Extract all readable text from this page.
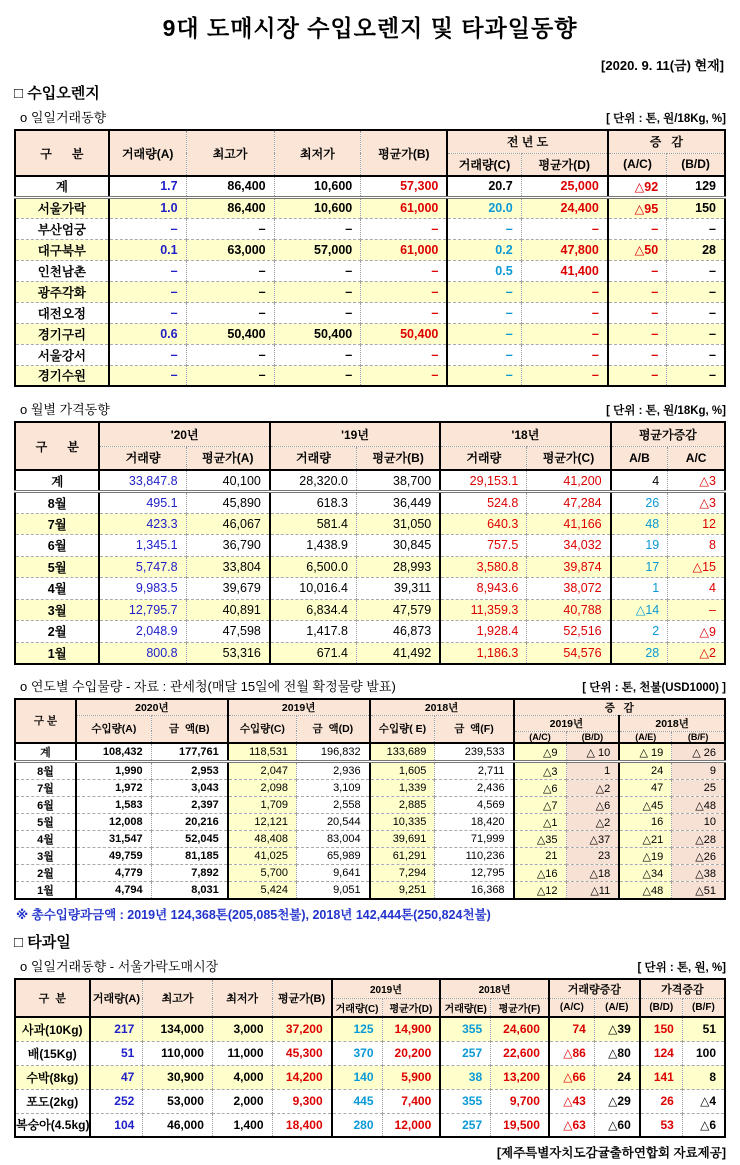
9대 도매시장 수입오렌지 및 타과일동향
[2020. 9. 11(금) 현재]
□ 수입오렌지
o 일일거래동향	[ 단위 : 톤, 원/18Kg, %]
구      분	거래량(A)	최고가	최저가	평균가(B)	전 년 도		증   감	
					거래량(C)	평균가(D)	(A/C)	(B/D)
계	1.7	86,400	10,600	57,300	20.7	25,000	△92	129
서울가락	1.0	86,400	10,600	61,000	20.0	24,400	△95	150
부산엄궁	–	–	–	–	–	–	–	–
대구북부	0.1	63,000	57,000	61,000	0.2	47,800	△50	28
인천남촌	–	–	–	–	0.5	41,400	–	–
광주각화	–	–	–	–	–	–	–	–
대전오정	–	–	–	–	–	–	–	–
경기구리	0.6	50,400	50,400	50,400	–	–	–	–
서울강서	–	–	–	–	–	–	–	–
경기수원	–	–	–	–	–	–	–	–
o 월별 가격동향	[ 단위 : 톤, 원/18Kg, %]
구      분	'20년		'19년		'18년		평균가증감	
	거래량	평균가(A)	거래량	평균가(B)	거래량	평균가(C)	A/B	A/C
계	33,847.8	40,100	28,320.0	38,700	29,153.1	41,200	4	△3
8월	495.1	45,890	618.3	36,449	524.8	47,284	26	△3
7월	423.3	46,067	581.4	31,050	640.3	41,166	48	12
6월	1,345.1	36,790	1,438.9	30,845	757.5	34,032	19	8
5월	5,747.8	33,804	6,500.0	28,993	3,580.8	39,874	17	△15
4월	9,983.5	39,679	10,016.4	39,311	8,943.6	38,072	1	4
3월	12,795.7	40,891	6,834.4	47,579	11,359.3	40,788	△14	–
2월	2,048.9	47,598	1,417.8	46,873	1,928.4	52,516	2	△9
1월	800.8	53,316	671.4	41,492	1,186.3	54,576	28	△2
o 연도별 수입물량 - 자료 : 관세청(매달 15일에 전월 확정물량 발표)	[ 단위 : 톤, 천불(USD1000) ]
구 분	2020년		2019년		2018년		증   감			
	수입량(A)	금  액(B)	수입량(C)	금  액(D)	수입량( E)	금  액(F)	2019년		2018년	
							(A/C)	(B/D)	(A/E)	(B/F)
계	108,432	177,761	118,531	196,832	133,689	239,533	△9	△ 10	△ 19	△ 26
8월	1,990	2,953	2,047	2,936	1,605	2,711	△3	1	24	9
7월	1,972	3,043	2,098	3,109	1,339	2,436	△6	△2	47	25
6월	1,583	2,397	1,709	2,558	2,885	4,569	△7	△6	△45	△48
5월	12,008	20,216	12,121	20,544	10,335	18,420	△1	△2	16	10
4월	31,547	52,045	48,408	83,004	39,691	71,999	△35	△37	△21	△28
3월	49,759	81,185	41,025	65,989	61,291	110,236	21	23	△19	△26
2월	4,779	7,892	5,700	9,641	7,294	12,795	△16	△18	△34	△38
1월	4,794	8,031	5,424	9,051	9,251	16,368	△12	△11	△48	△51
※ 총수입량과금액 : 2019년 124,368톤(205,085천불), 2018년 142,444톤(250,824천불)
□ 타과일
o 일일거래동향 - 서울가락도매시장	[ 단위 : 톤, 원, %]
구  분	거래량(A)	최고가	최저가	평균가(B)	2019년		2018년		거래량증감		가격증감	
					거래량(C)	평균가(D)	거래량(E)	평균가(F)	(A/C)	(A/E)	(B/D)	(B/F)
사과(10Kg)	217	134,000	3,000	37,200	125	14,900	355	24,600	74	△39	150	51
배(15Kg)	51	110,000	11,000	45,300	370	20,200	257	22,600	△86	△80	124	100
수박(8kg)	47	30,900	4,000	14,200	140	5,900	38	13,200	△66	24	141	8
포도(2kg)	252	53,000	2,000	9,300	445	7,400	355	9,700	△43	△29	26	△4
복숭아(4.5kg)	104	46,000	1,400	18,400	280	12,000	257	19,500	△63	△60	53	△6
[제주특별자치도감귤출하연합회 자료제공]
